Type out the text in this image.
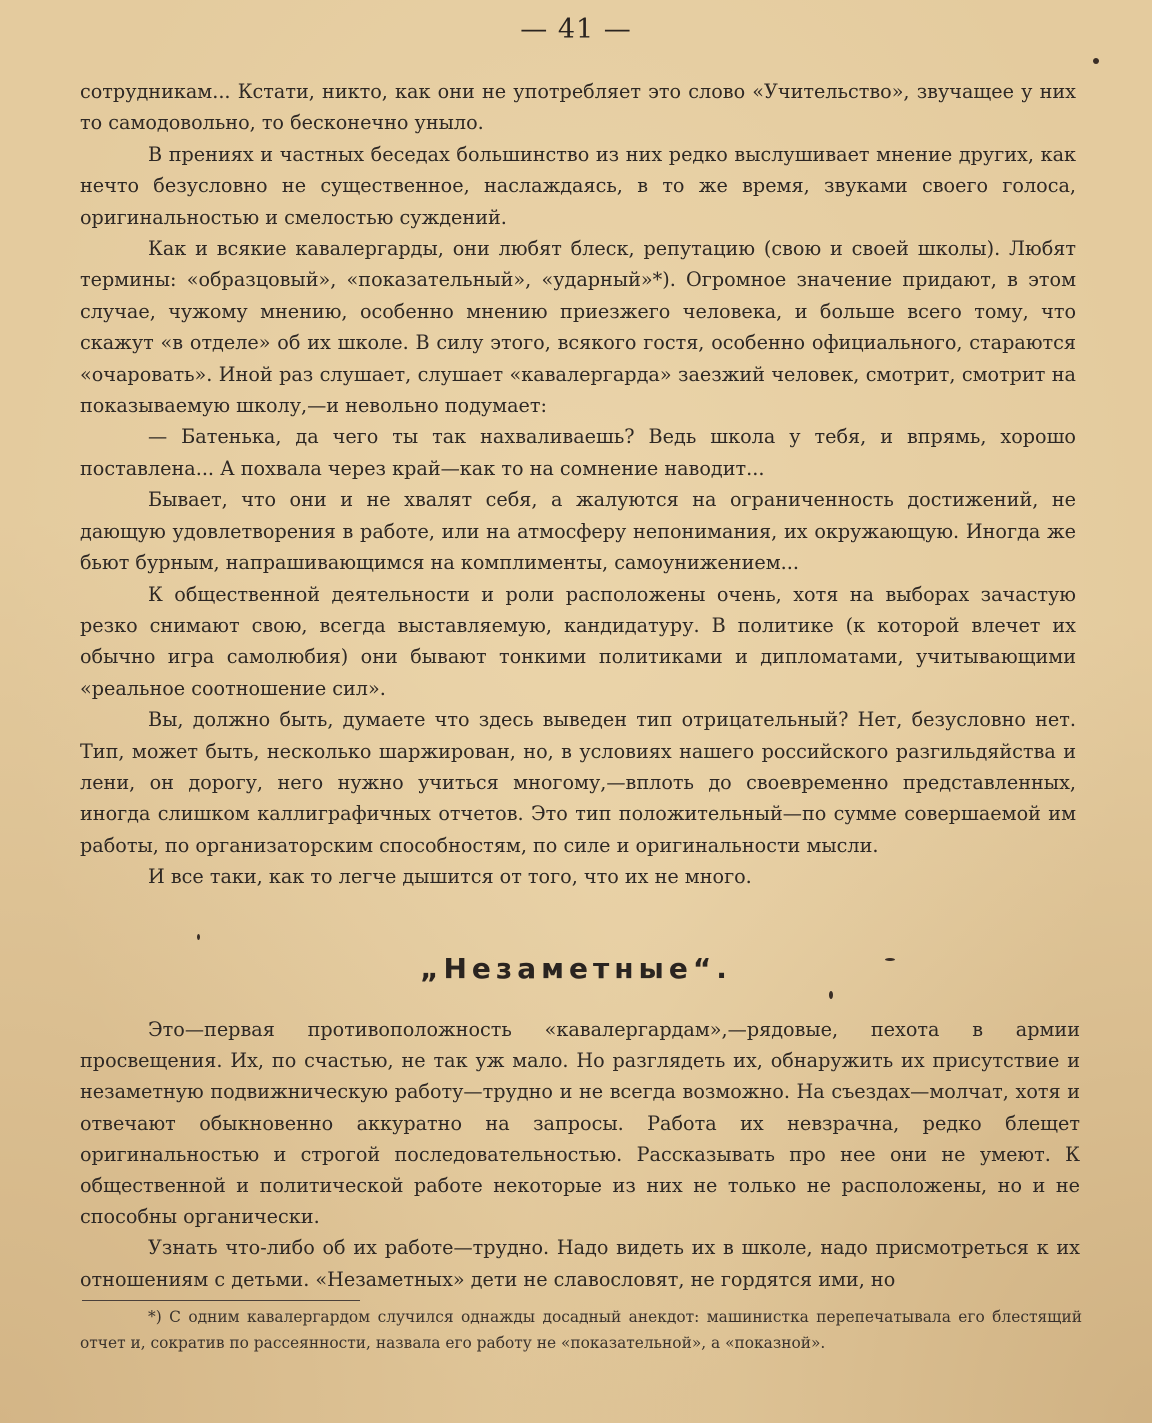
— 41 —

сотрудникам... Кстати, никто, как они не употребляет это слово «Учительство», звучащее у них то самодовольно, то бесконечно уныло.

В прениях и частных беседах большинство из них редко выслушивает мнение других, как нечто безусловно не существенное, наслаждаясь, в то же время, звуками своего голоса, оригинальностью и смелостью суждений.

Как и всякие кавалергарды, они любят блеск, репутацию (свою и своей школы). Любят термины: «образцовый», «показательный», «ударный»*). Огромное значение придают, в этом случае, чужому мнению, особенно мнению приезжего человека, и больше всего тому, что скажут «в отделе» об их школе. В силу этого, всякого гостя, особенно официального, стараются «очаровать». Иной раз слушает, слушает «кавалергарда» заезжий человек, смотрит, смотрит на показываемую школу,—и невольно подумает:

— Батенька, да чего ты так нахваливаешь? Ведь школа у тебя, и впрямь, хорошо поставлена... А похвала через край—как то на сомнение наводит...

Бывает, что они и не хвалят себя, а жалуются на ограниченность достижений, не дающую удовлетворения в работе, или на атмосферу непонимания, их окружающую. Иногда же бьют бурным, напрашивающимся на комплименты, самоунижением...

К общественной деятельности и роли расположены очень, хотя на выборах зачастую резко снимают свою, всегда выставляемую, кандидатуру. В политике (к которой влечет их обычно игра самолюбия) они бывают тонкими политиками и дипломатами, учитывающими «реальное соотношение сил».

Вы, должно быть, думаете что здесь выведен тип отрицательный? Нет, безусловно нет. Тип, может быть, несколько шаржирован, но, в условиях нашего российского разгильдяйства и лени, он дорогу, него нужно учиться многому,—вплоть до своевременно представленных, иногда слишком каллиграфичных отчетов. Это тип положительный—по сумме совершаемой им работы, по организаторским способностям, по силе и оригинальности мысли.

И все таки, как то легче дышится от того, что их не много.

„Незаметные“.

Это—первая противоположность «кавалергардам»,—рядовые, пехота в армии просвещения. Их, по счастью, не так уж мало. Но разглядеть их, обнаружить их присутствие и незаметную подвижническую работу—трудно и не всегда возможно. На съездах—молчат, хотя и отвечают обыкновенно аккуратно на запросы. Работа их невзрачна, редко блещет оригинальностью и строгой последовательностью. Рассказывать про нее они не умеют. К общественной и политической работе некоторые из них не только не расположены, но и не способны органически.

Узнать что-либо об их работе—трудно. Надо видеть их в школе, надо присмотреться к их отношениям с детьми. «Незаметных» дети не славословят, не гордятся ими, но

*) С одним кавалергардом случился однажды досадный анекдот: машинистка перепечатывала его блестящий отчет и, сократив по рассеянности, назвала его работу не «показательной», а «показной».
